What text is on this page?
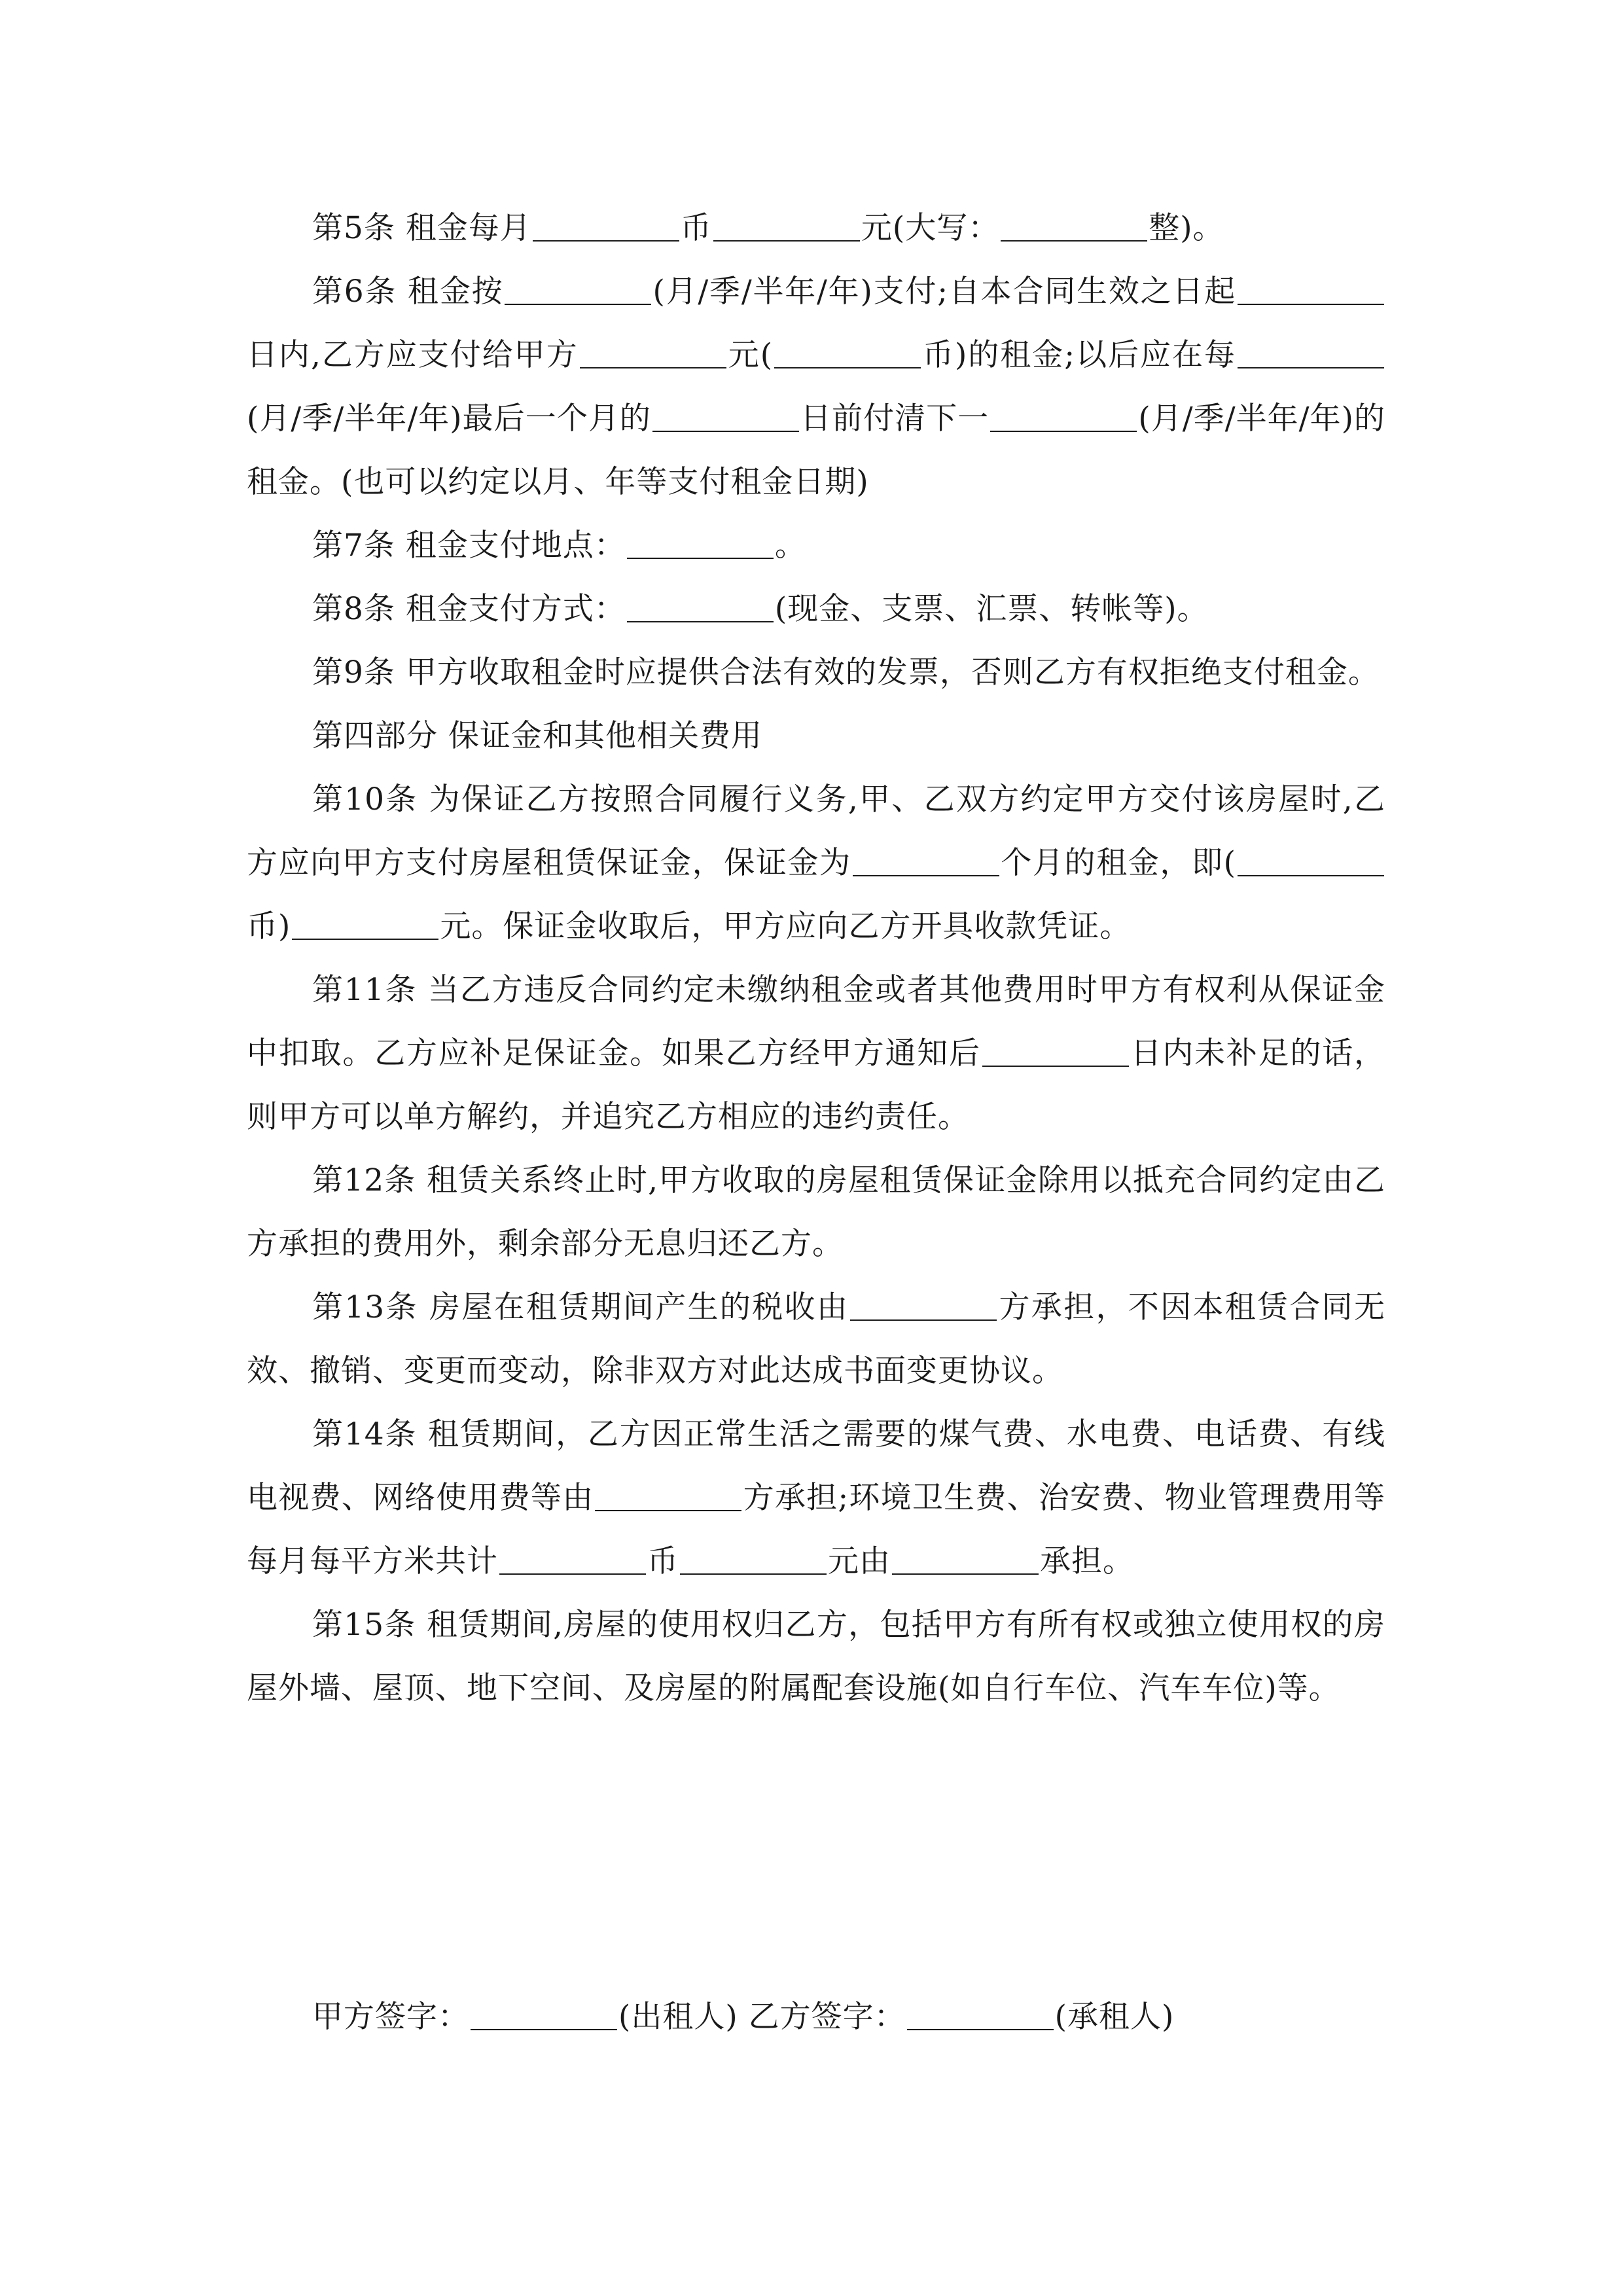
第5条 租金每月	币	元(大写：	整)。

第6条 租金按	(月/季/半年/年)支付;自本合同生效之日起日内,乙方应支付给甲方	元(	币)的租金;以后应在每(月/季/半年/年)最后一个月的	日前付清下一	(月/季/半年/年)的租金。(也可以约定以月、年等支付租金日期)

第7条 租金支付地点：	。

第8条 租金支付方式：	(现金、支票、汇票、转帐等)。

第9条 甲方收取租金时应提供合法有效的发票，否则乙方有权拒绝支付租金。

第四部分 保证金和其他相关费用

第10条 为保证乙方按照合同履行义务,甲、乙双方约定甲方交付该房屋时,乙方应向甲方支付房屋租赁保证金，保证金为	个月的租金，即(币)	元。保证金收取后，甲方应向乙方开具收款凭证。

第11条 当乙方违反合同约定未缴纳租金或者其他费用时甲方有权利从保证金中扣取。乙方应补足保证金。如果乙方经甲方通知后	日内未补足的话，则甲方可以单方解约，并追究乙方相应的违约责任。

第12条 租赁关系终止时,甲方收取的房屋租赁保证金除用以抵充合同约定由乙方承担的费用外，剩余部分无息归还乙方。

第13条 房屋在租赁期间产生的税收由	方承担，不因本租赁合同无效、撤销、变更而变动，除非双方对此达成书面变更协议。

第14条 租赁期间，乙方因正常生活之需要的煤气费、水电费、电话费、有线电视费、网络使用费等由	方承担;环境卫生费、治安费、物业管理费用等每月每平方米共计	币	元由	承担。

第15条 租赁期间,房屋的使用权归乙方，包括甲方有所有权或独立使用权的房屋外墙、屋顶、地下空间、及房屋的附属配套设施(如自行车位、汽车车位)等。

甲方签字：	(出租人) 乙方签字：	(承租人)
